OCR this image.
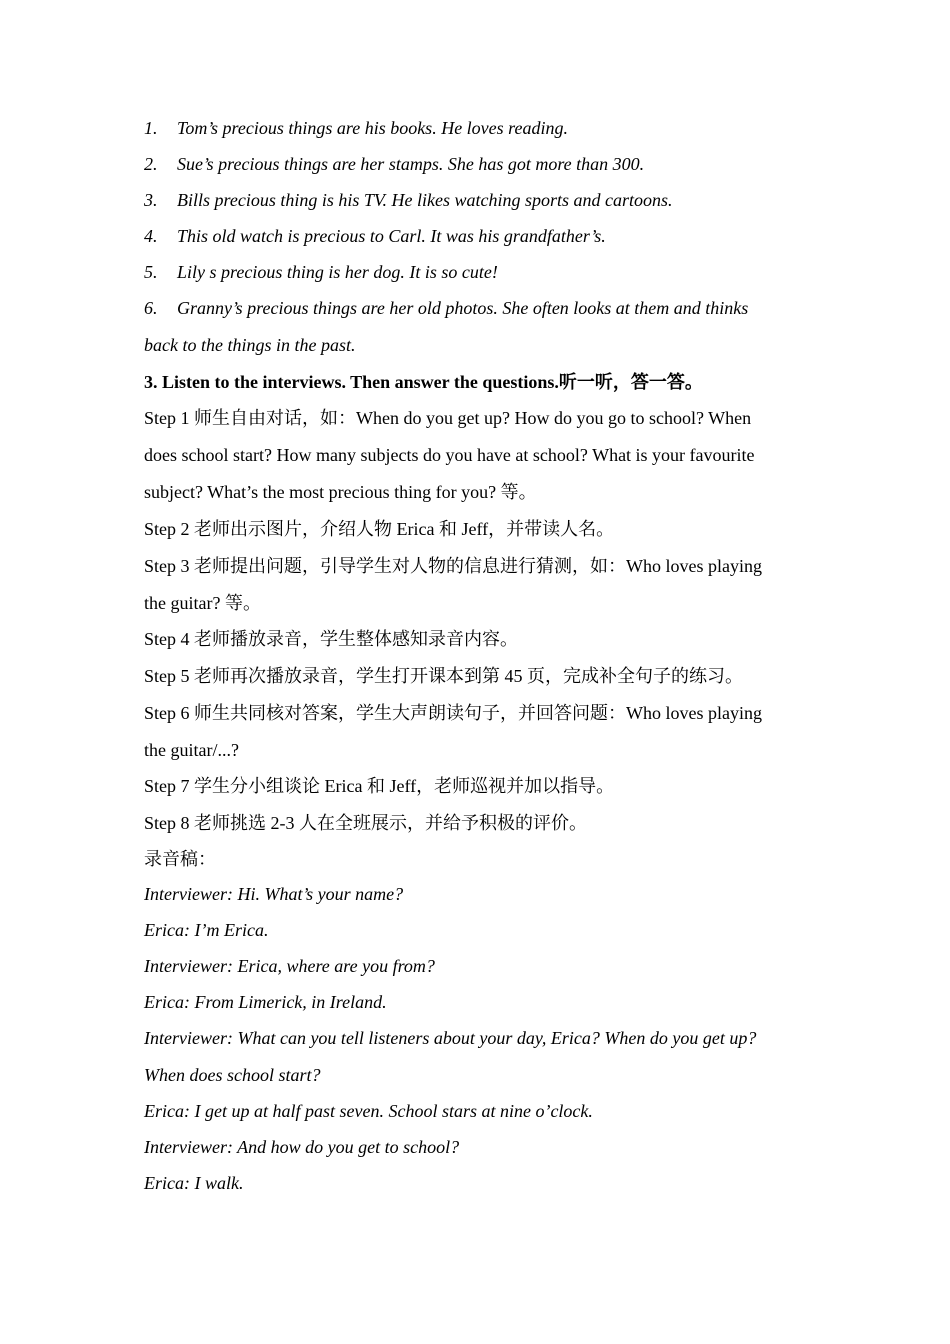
1. Tom’s precious things are his books. He loves reading.
2. Sue’s precious things are her stamps. She has got more than 300.
3. Bills precious thing is his TV. He likes watching sports and cartoons.
4. This old watch is precious to Carl. It was his grandfather’s.
5. Lily s precious thing is her dog. It is so cute!
6. Granny’s precious things are her old photos. She often looks at them and thinks
back to the things in the past.
3. Listen to the interviews. Then answer the questions.听一听，答一答。
Step 1 师生自由对话，如：When do you get up? How do you go to school? When
does school start? How many subjects do you have at school? What is your favourite
subject? What’s the most precious thing for you? 等。
Step 2 老师出示图片，介绍人物 Erica 和 Jeff，并带读人名。
Step 3 老师提出问题，引导学生对人物的信息进行猜测，如：Who loves playing
the guitar? 等。
Step 4 老师播放录音，学生整体感知录音内容。
Step 5 老师再次播放录音，学生打开课本到第 45 页，完成补全句子的练习。
Step 6 师生共同核对答案，学生大声朗读句子，并回答问题：Who loves playing
the guitar/...?
Step 7 学生分小组谈论 Erica 和 Jeff，老师巡视并加以指导。
Step 8 老师挑选 2-3 人在全班展示，并给予积极的评价。
录音稿：
Interviewer: Hi. What’s your name?
Erica: I’m Erica.
Interviewer: Erica, where are you from?
Erica: From Limerick, in Ireland.
Interviewer: What can you tell listeners about your day, Erica? When do you get up?
When does school start?
Erica: I get up at half past seven. School stars at nine o’clock.
Interviewer: And how do you get to school?
Erica: I walk.
